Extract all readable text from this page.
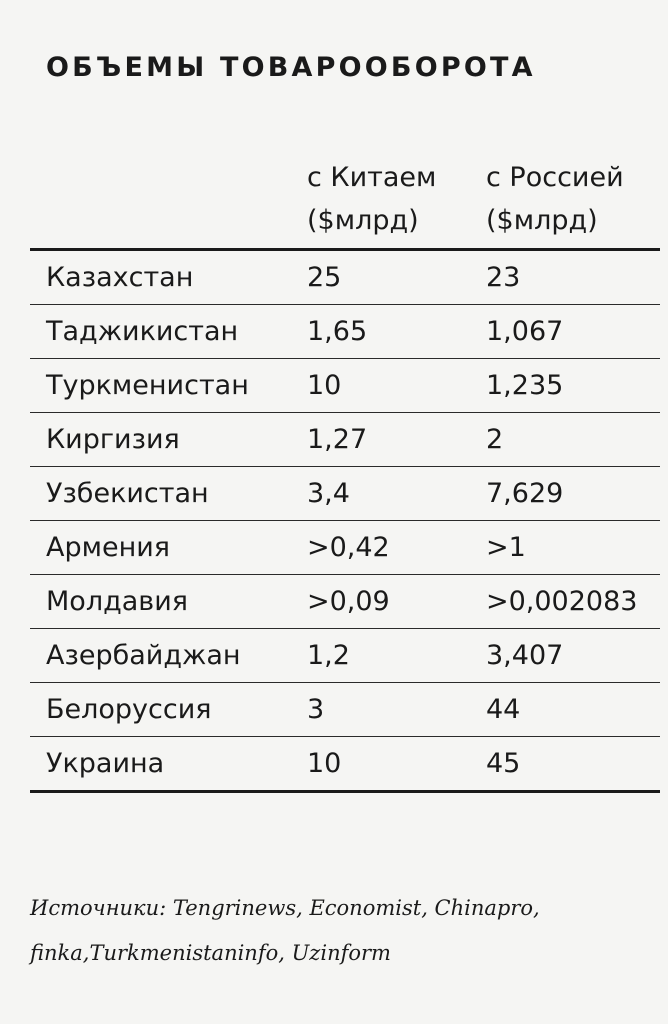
ОБЪЕМЫ ТОВАРООБОРОТА
с Китаем
($млрд)
с Россией
($млрд)
Казахстан	25	23
Таджикистан	1,65	1,067
Туркменистан 10	1,235
Киргизия	1,27	2
Узбекистан	3,4	7,629
Армения	>0,42	>1
Молдавия	>0,09	>0,002083
Азербайджан 1,2	3,407
Белоруссия	3	44
Украина	10	45

Источники: Tengrinews, Economist, Chinapro, finka,Turkmenistaninfo, Uzinform
